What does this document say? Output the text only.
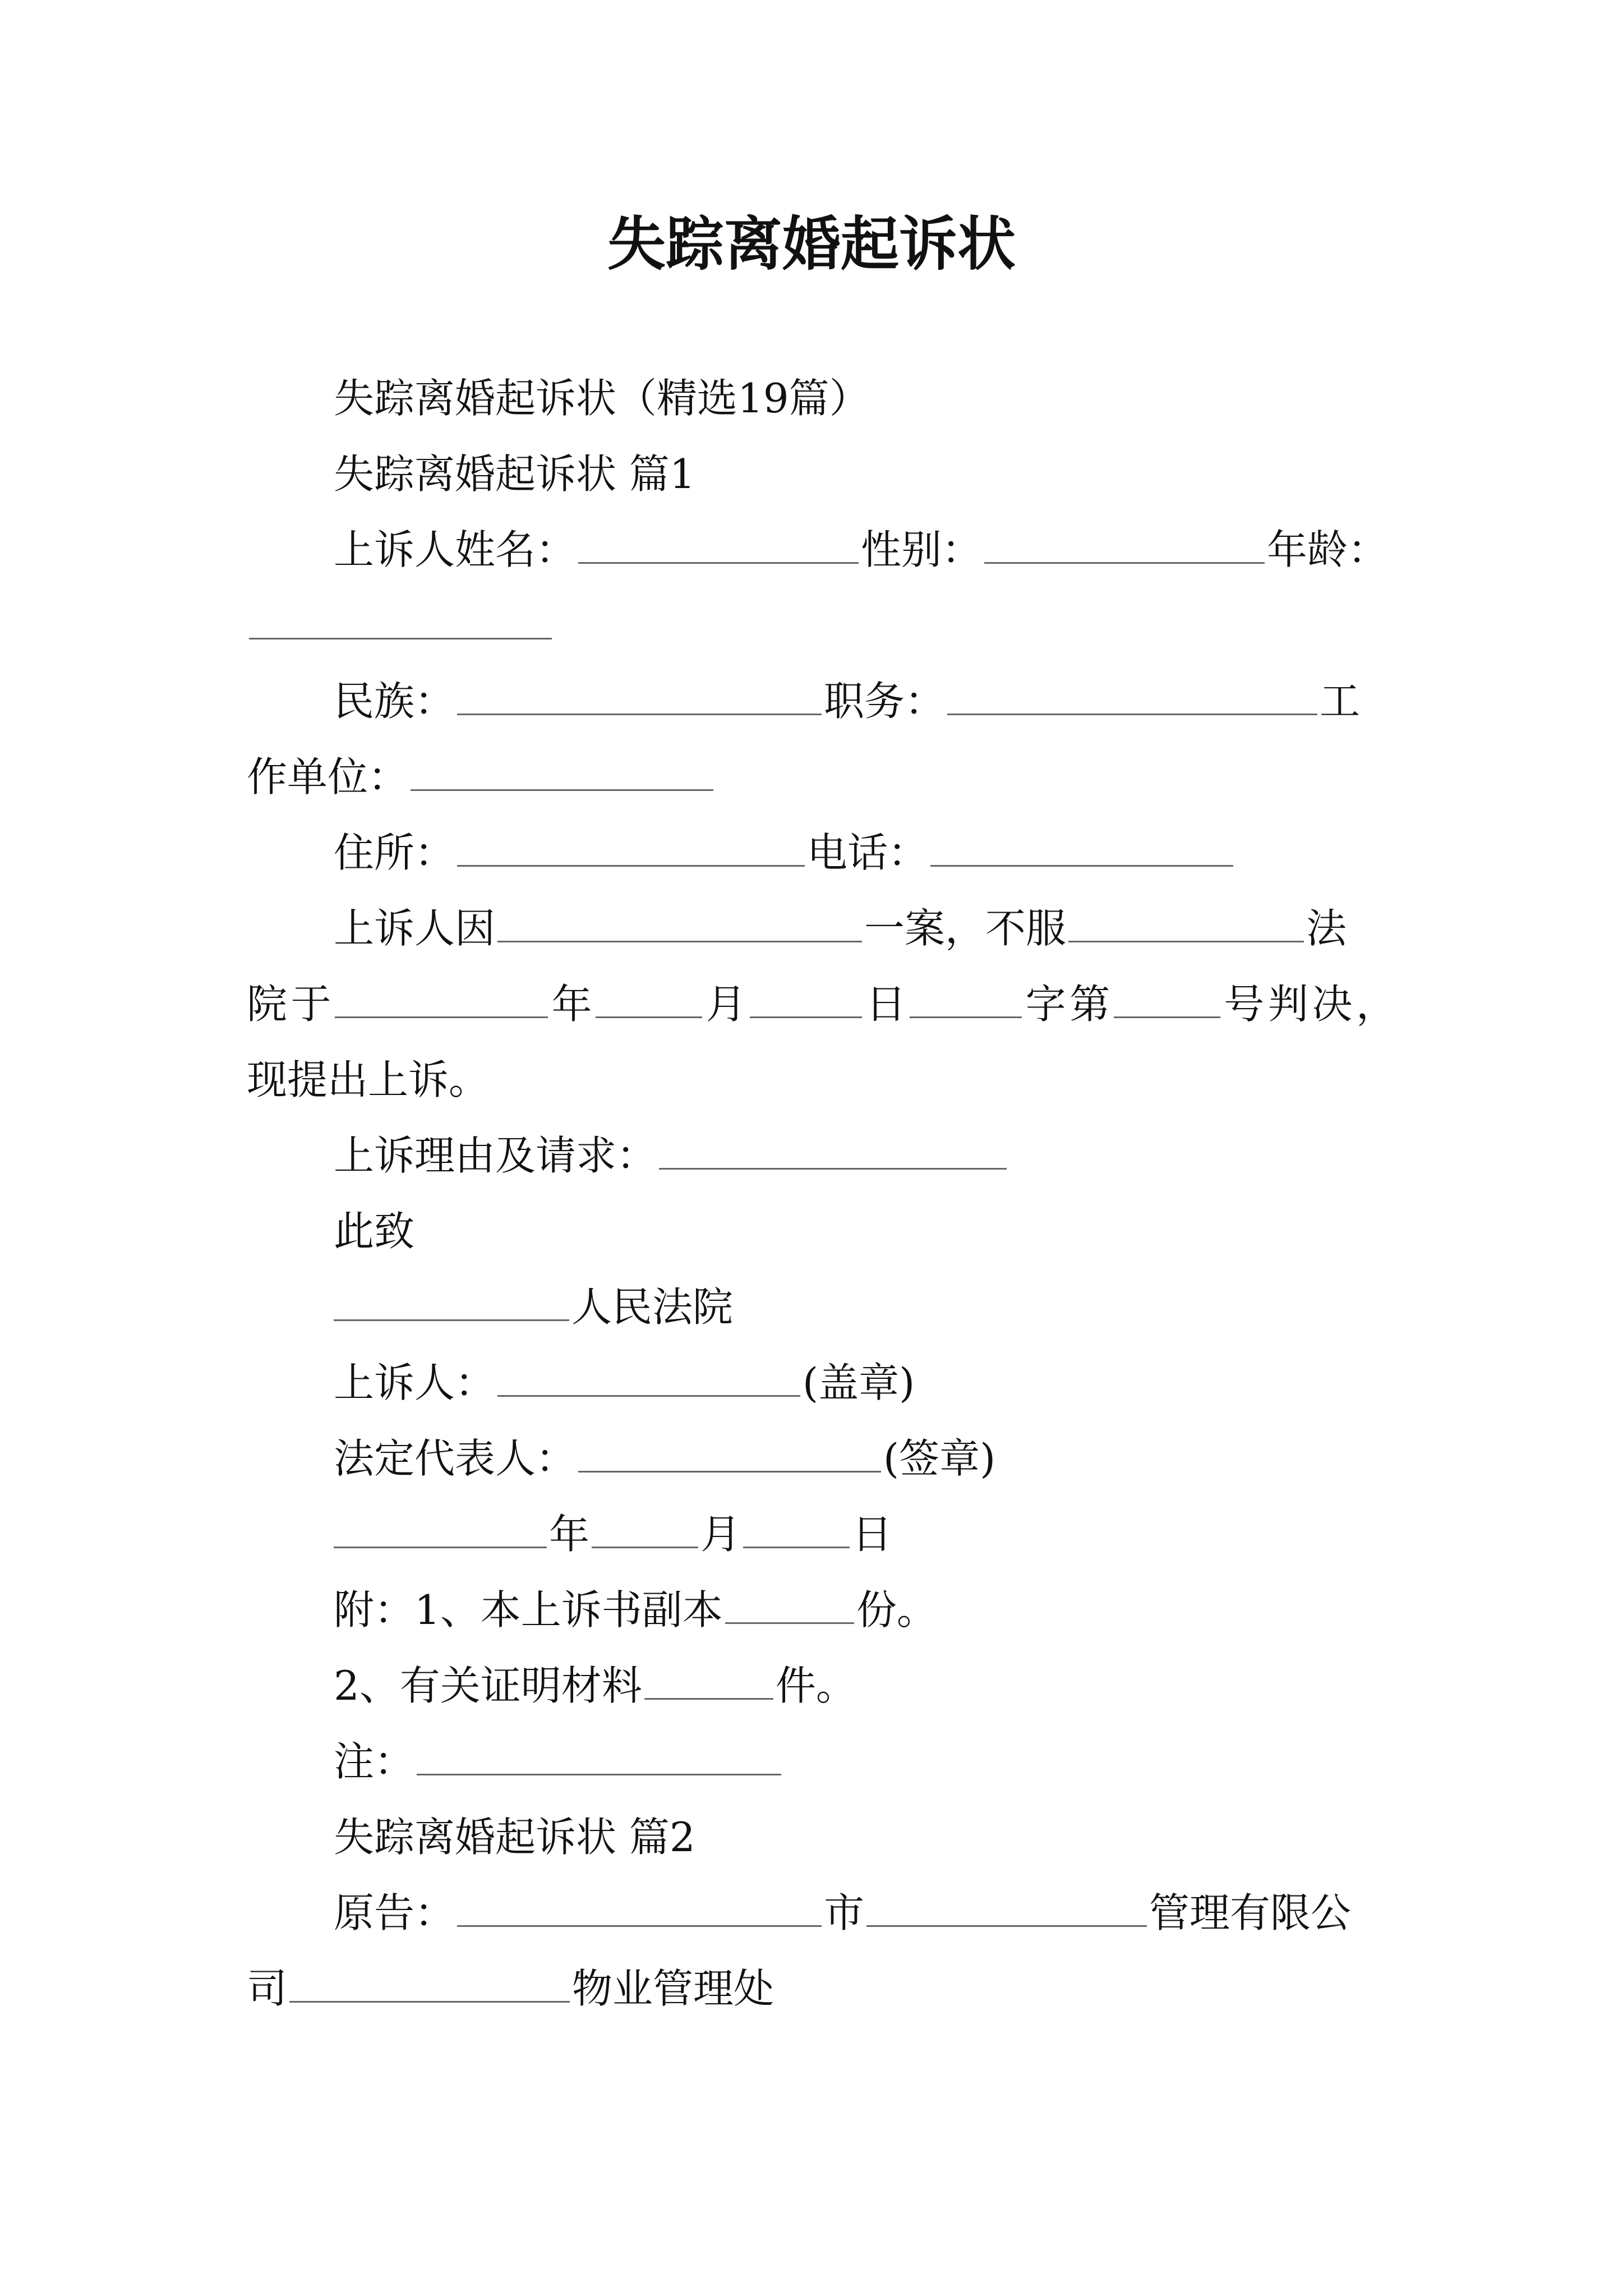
失踪离婚起诉状
失踪离婚起诉状（精选19篇）
失踪离婚起诉状 篇1
上诉人姓名：	性别：	年龄：
民族：	职务：	工
作单位：
住所：	电话：
上诉人因	一案，不服	法
院于	年	月	日	字第	号判决，
现提出上诉。
上诉理由及请求：
此致
人民法院
上诉人：	(盖章)
法定代表人：	(签章)
年	月	日
附：1、本上诉书副本	份。
2、有关证明材料	件。
注：
失踪离婚起诉状 篇2
原告：	市	管理有限公
司	物业管理处
